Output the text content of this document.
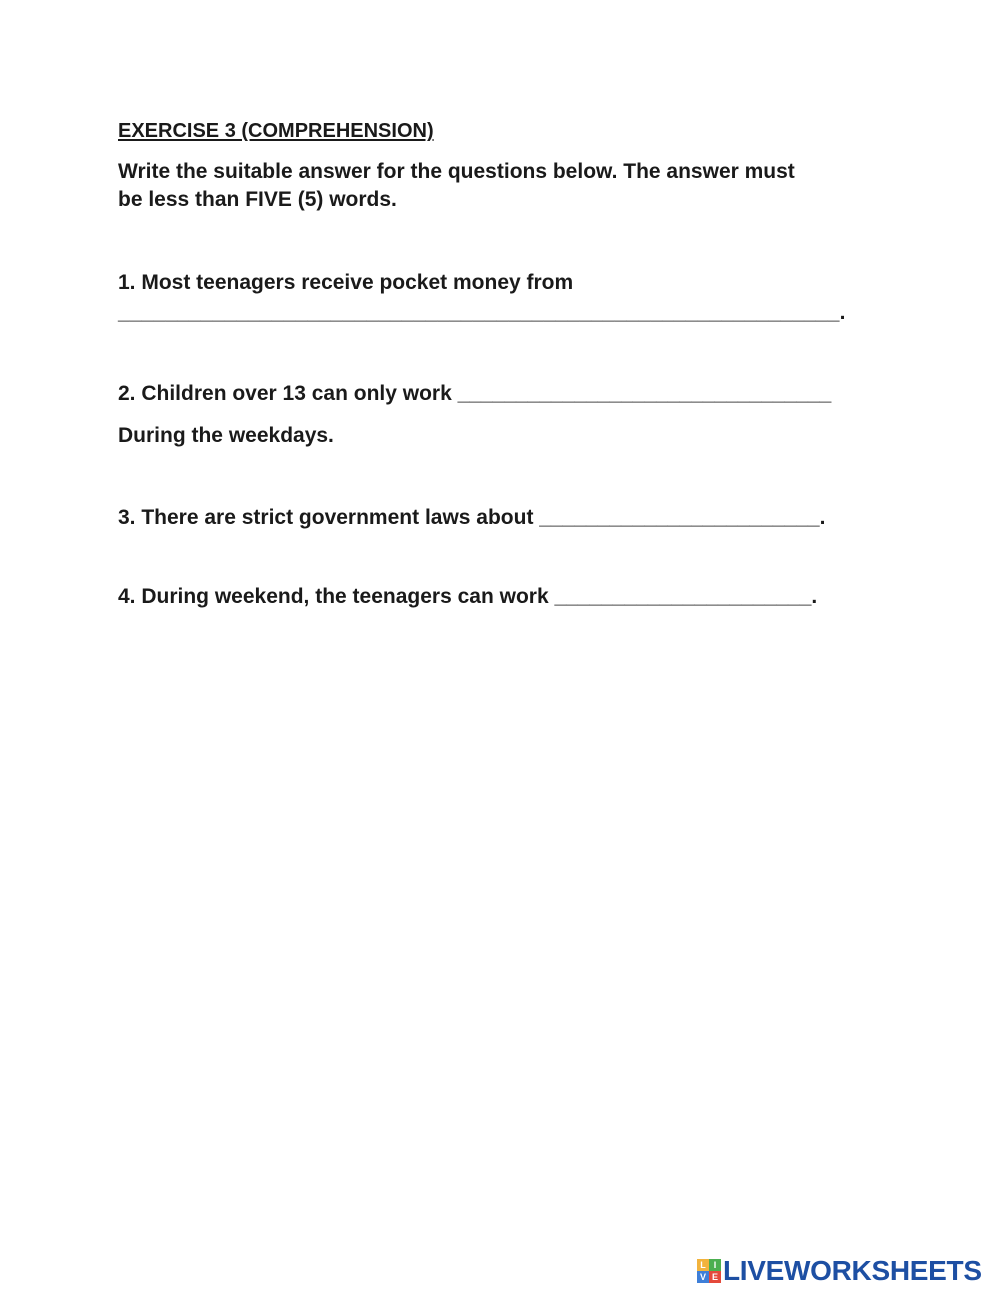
EXERCISE 3 (COMPREHENSION)

Write the suitable answer for the questions below. The answer must

be less than FIVE (5) words.

1. Most teenagers receive pocket money from

_____________________________________________________________.

2. Children over 13 can only work ________________________________

During the weekdays.

3. There are strict government laws about ________________________.

4. During weekend, the teenagers can work ______________________.

L I
V E LIVEWORKSHEETS
